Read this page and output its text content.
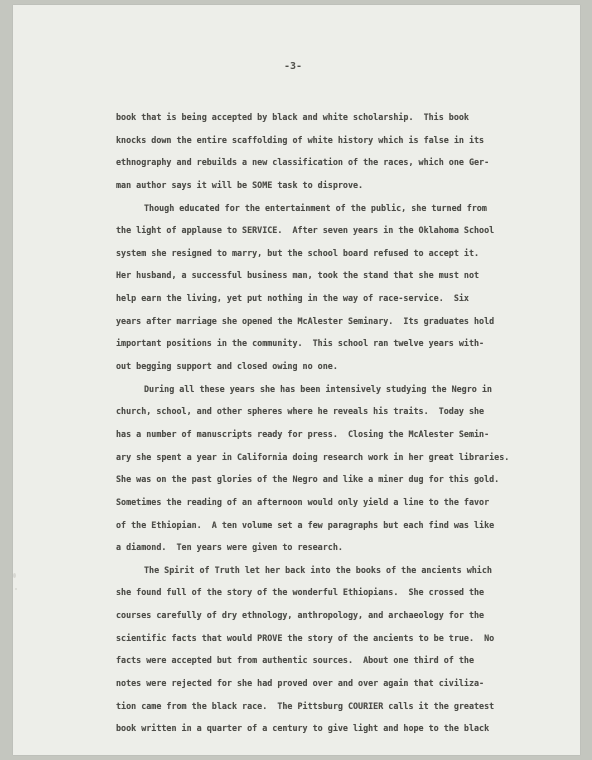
-3-
book that is being accepted by black and white scholarship.  This book
knocks down the entire scaffolding of white history which is false in its
ethnography and rebuilds a new classification of the races, which one Ger-
man author says it will be SOME task to disprove.
Though educated for the entertainment of the public, she turned from
the light of applause to SERVICE.  After seven years in the Oklahoma School
system she resigned to marry, but the school board refused to accept it.
Her husband, a successful business man, took the stand that she must not
help earn the living, yet put nothing in the way of race-service.  Six
years after marriage she opened the McAlester Seminary.  Its graduates hold
important positions in the community.  This school ran twelve years with-
out begging support and closed owing no one.
During all these years she has been intensively studying the Negro in
church, school, and other spheres where he reveals his traits.  Today she
has a number of manuscripts ready for press.  Closing the McAlester Semin-
ary she spent a year in California doing research work in her great libraries.
She was on the past glories of the Negro and like a miner dug for this gold.
Sometimes the reading of an afternoon would only yield a line to the favor
of the Ethiopian.  A ten volume set a few paragraphs but each find was like
a diamond.  Ten years were given to research.
The Spirit of Truth let her back into the books of the ancients which
she found full of the story of the wonderful Ethiopians.  She crossed the
courses carefully of dry ethnology, anthropology, and archaeology for the
scientific facts that would PROVE the story of the ancients to be true.  No
facts were accepted but from authentic sources.  About one third of the
notes were rejected for she had proved over and over again that civiliza-
tion came from the black race.  The Pittsburg COURIER calls it the greatest
book written in a quarter of a century to give light and hope to the black
